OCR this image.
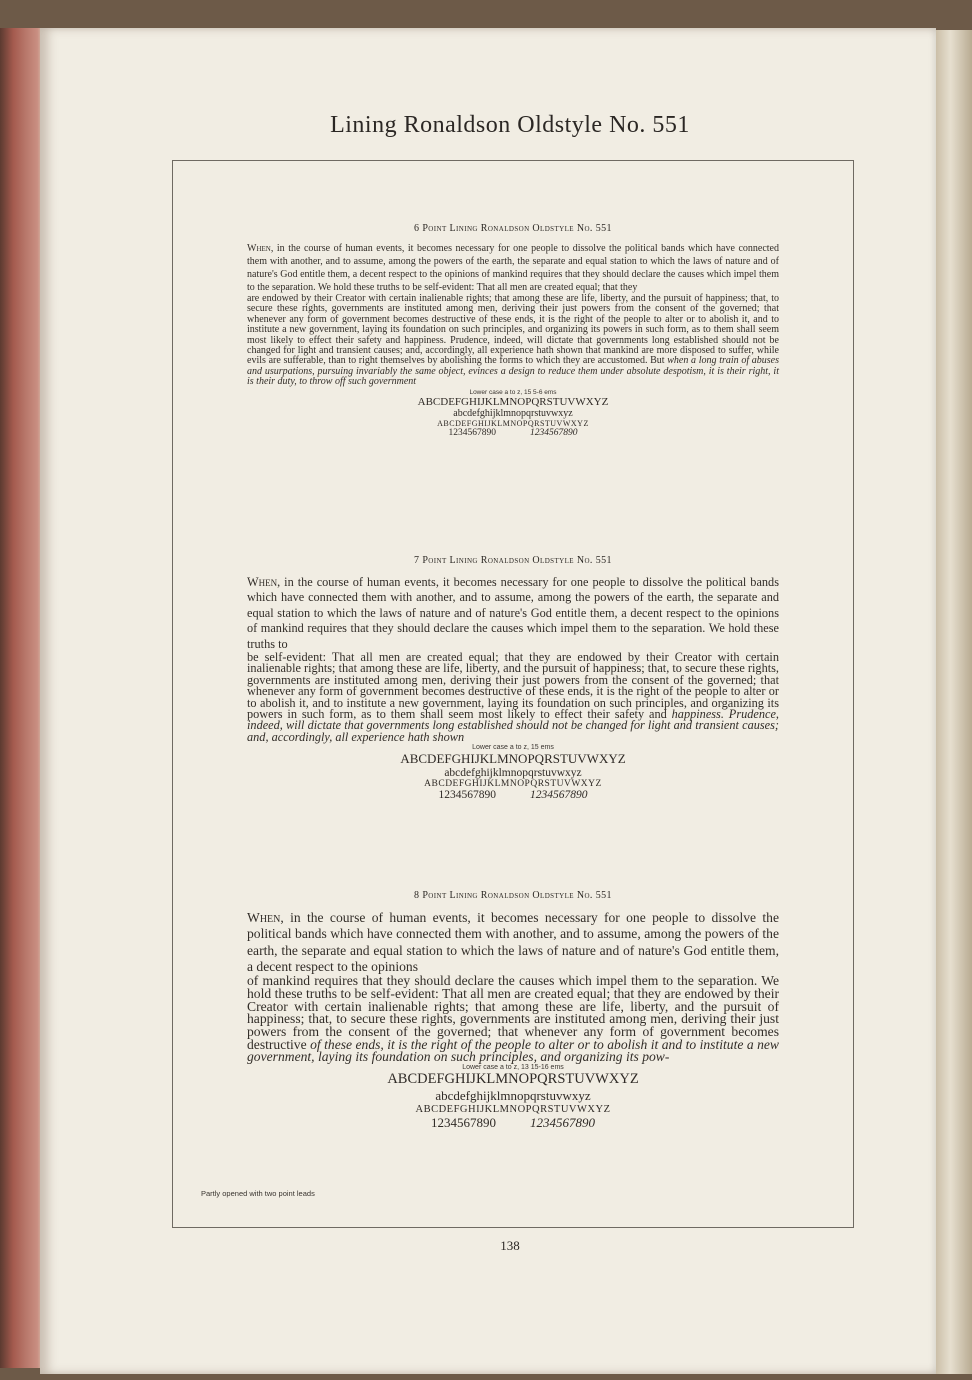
Lining Ronaldson Oldstyle No. 551
6 Point Lining Ronaldson Oldstyle No. 551
When, in the course of human events, it becomes necessary for one people to dissolve the political bands which have connected them with another, and to assume, among the powers of the earth, the separate and equal station to which the laws of nature and of nature's God entitle them, a decent respect to the opinions of mankind requires that they should declare the causes which impel them to the separation. We hold these truths to be self-evident: That all men are created equal; that they
are endowed by their Creator with certain inalienable rights; that among these are life, liberty, and the pursuit of happiness; that, to secure these rights, governments are instituted among men, deriving their just powers from the consent of the governed; that whenever any form of government becomes destructive of these ends, it is the right of the people to alter or to abolish it, and to institute a new government, laying its foundation on such principles, and organizing its powers in such form, as to them shall seem most likely to effect their safety and happiness. Prudence, indeed, will dictate that governments long established should not be changed for light and transient causes; and, accordingly, all experience hath shown that mankind are more disposed to suffer, while evils are sufferable, than to right themselves by abolishing the forms to which they are accustomed. But when a long train of abuses and usurpations, pursuing invariably the same object, evinces a design to reduce them under absolute despotism, it is their right, it is their duty, to throw off such government
Lower case a to z, 15 5-6 ems
ABCDEFGHIJKLMNOPQRSTUVWXYZ
abcdefghijklmnopqrstuvwxyz
ABCDEFGHIJKLMNOPQRSTUVWXYZ
1234567890	1234567890
7 Point Lining Ronaldson Oldstyle No. 551
When, in the course of human events, it becomes necessary for one people to dissolve the political bands which have connected them with another, and to assume, among the powers of the earth, the separate and equal station to which the laws of nature and of nature's God entitle them, a decent respect to the opinions of mankind requires that they should declare the causes which impel them to the separation. We hold these truths to
be self-evident: That all men are created equal; that they are endowed by their Creator with certain inalienable rights; that among these are life, liberty, and the pursuit of happiness; that, to secure these rights, governments are instituted among men, deriving their just powers from the consent of the governed; that whenever any form of government becomes destructive of these ends, it is the right of the people to alter or to abolish it, and to institute a new government, laying its foundation on such principles, and organizing its powers in such form, as to them shall seem most likely to effect their safety and happiness. Prudence, indeed, will dictate that governments long established should not be changed for light and transient causes; and, accordingly, all experience hath shown
Lower case a to z, 15 ems
ABCDEFGHIJKLMNOPQRSTUVWXYZ
abcdefghijklmnopqrstuvwxyz
ABCDEFGHIJKLMNOPQRSTUVWXYZ
1234567890	1234567890
8 Point Lining Ronaldson Oldstyle No. 551
When, in the course of human events, it becomes necessary for one people to dissolve the political bands which have connected them with another, and to assume, among the powers of the earth, the separate and equal station to which the laws of nature and of nature's God entitle them, a decent respect to the opinions
of mankind requires that they should declare the causes which impel them to the separation. We hold these truths to be self-evident: That all men are created equal; that they are endowed by their Creator with certain inalienable rights; that among these are life, liberty, and the pursuit of happiness; that, to secure these rights, governments are instituted among men, deriving their just powers from the consent of the governed; that whenever any form of government becomes destructive of these ends, it is the right of the people to alter or to abolish it and to institute a new government, laying its foundation on such principles, and organizing its pow-
Lower case a to z, 13 15-16 ems
ABCDEFGHIJKLMNOPQRSTUVWXYZ
abcdefghijklmnopqrstuvwxyz
ABCDEFGHIJKLMNOPQRSTUVWXYZ
1234567890	1234567890
Partly opened with two point leads
138
